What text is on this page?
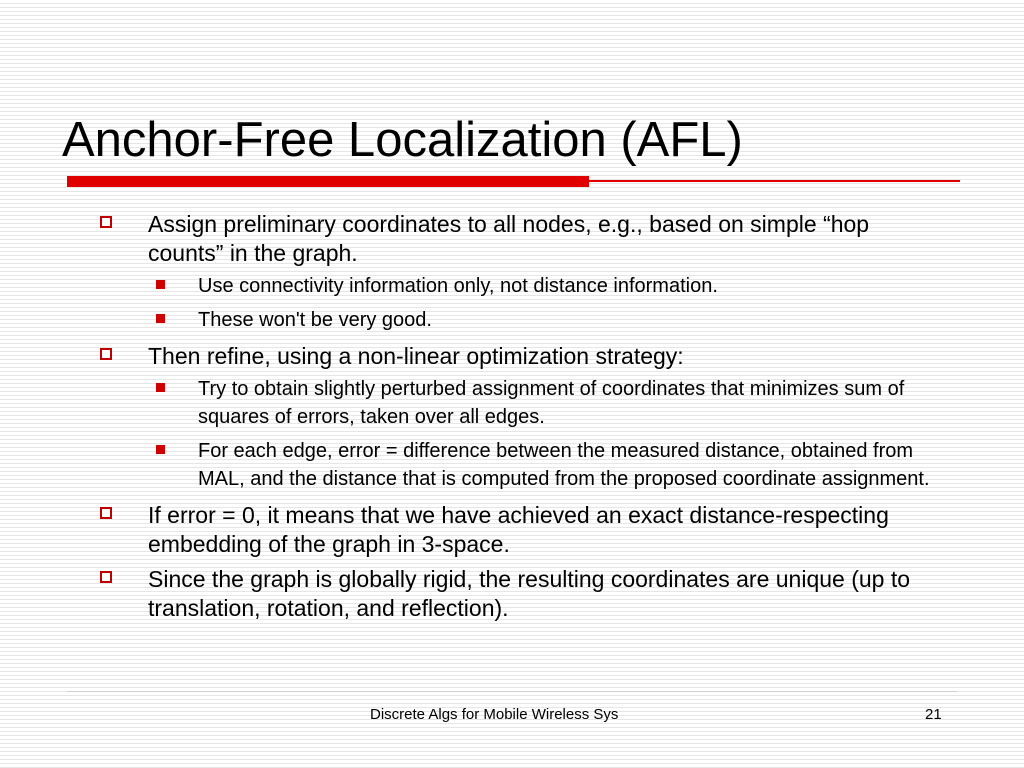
Anchor-Free Localization (AFL)
Assign preliminary coordinates to all nodes, e.g., based on simple “hop counts” in the graph.
Use connectivity information only, not distance information.
These won't be very good.
Then refine, using a non-linear optimization strategy:
Try to obtain slightly perturbed assignment of coordinates that minimizes sum of squares of errors, taken over all edges.
For each edge, error = difference between the measured distance, obtained from MAL, and the distance that is computed from the proposed coordinate assignment.
If error = 0, it means that we have achieved an exact distance-respecting embedding of the graph in 3-space.
Since the graph is globally rigid, the resulting coordinates are unique (up to translation, rotation, and reflection).
Discrete Algs for Mobile Wireless Sys	21
